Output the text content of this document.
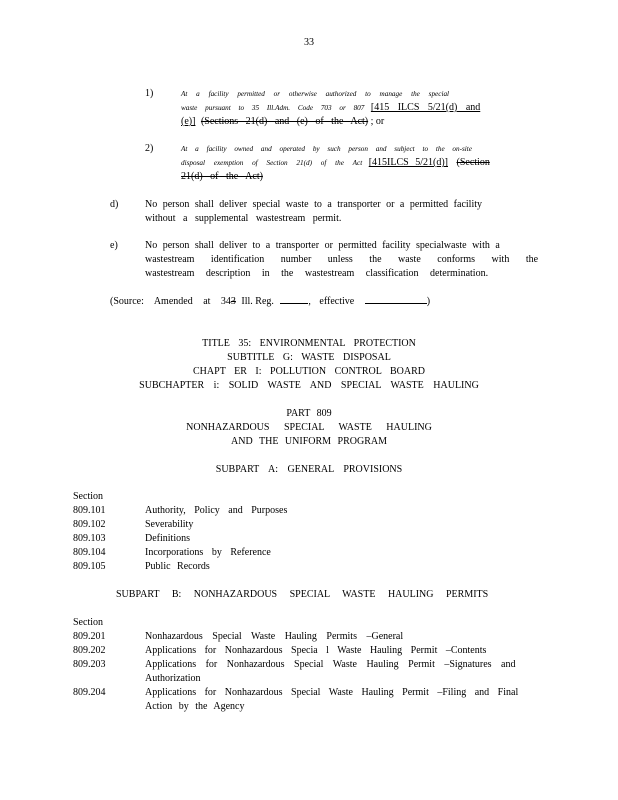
33
1)	At a facility permitted or otherwise authorized to manage the special
waste pursuant to 35 Ill.Adm. Code 703 or 807 [415 ILCS 5/21(d) and
(e)] (Sections 21(d) and (e) of the Act) ; or
2)	At a facility owned and operated by such person and subject to the on-site
disposal exemption of Section 21(d) of the Act [415ILCS 5/21(d)] (Section
21(d) of the Act)
d)	No person shall deliver special waste to a transporter or a permitted facility
without a supplemental wastestream permit.
e)	No person shall deliver to a transporter or permitted facility specialwaste with a
wastestream identification number unless the waste conforms with the
wastestream description in the wastestream classification determination.
(Source: Amended at 343 Ill. Reg.	, effective	)
TITLE 35: ENVIRONMENTAL PROTECTION
SUBTITLE G: WASTE DISPOSAL
CHAPT ER I: POLLUTION CONTROL BOARD
SUBCHAPTER i: SOLID WASTE AND SPECIAL WASTE HAULING
PART 809
NONHAZARDOUS SPECIAL WASTE HAULING
AND THE UNIFORM PROGRAM
SUBPART A: GENERAL PROVISIONS
Section
809.101	Authority, Policy and Purposes
809.102	Severability
809.103	Definitions
809.104	Incorporations by Reference
809.105	Public Records
SUBPART B: NONHAZARDOUS SPECIAL WASTE HAULING PERMITS
Section
809.201	Nonhazardous Special Waste Hauling Permits –General
809.202	Applications for Nonhazardous Specia l Waste Hauling Permit –Contents
809.203	Applications for Nonhazardous Special Waste Hauling Permit –Signatures and
Authorization
809.204	Applications for Nonhazardous Special Waste Hauling Permit –Filing and Final
Action by the Agency
